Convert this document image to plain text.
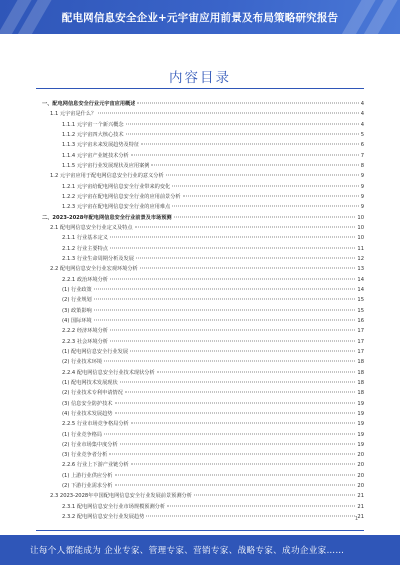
配电网信息安全企业+元宇宙应用前景及布局策略研究报告
内容目录
一、配电网信息安全行业元宇宙应用概述	4
1.1 元宇宙是什么？	4
1.1.1 元宇宙一个新兴概念	4
1.1.2 元宇宙四大核心技术	5
1.1.3 元宇宙未来发展趋势及特征	6
1.1.4 元宇宙产业链技术分析	7
1.1.5 元宇宙行业发展现状及应用案例	8
1.2 元宇宙应用于配电网信息安全行业的意义分析	9
1.2.1 元宇宙给配电网信息安全行业带来的变化	9
1.2.2 元宇宙在配电网信息安全行业的应用前景分析	9
1.2.3 元宇宙在配电网信息安全行业的应用难点	9
二、2023-2028年配电网信息安全行业前景及市场预测	10
2.1 配电网信息安全行业定义及特点	10
2.1.1 行业基本定义	10
2.1.2 行业主要特点	11
2.1.3 行业生命周期分析及发展	12
2.2 配电网信息安全行业宏观环境分析	13
2.2.1 政治环境分析	14
(1) 行业政策	14
(2) 行业规划	15
(3) 政策影响	15
(4) 国际环境	16
2.2.2 经济环境分析	17
2.2.3 社会环境分析	17
(1) 配电网信息安全行业发展	17
(2) 行业技术环境	18
2.2.4 配电网信息安全行业技术现状分析	18
(1) 配电网技术发展现状	18
(2) 行业技术专利申请情况	18
(3) 信息安全防护技术	19
(4) 行业技术发展趋势	19
2.2.5 行业市场竞争格局分析	19
(1) 行业竞争格局	19
(2) 行业市场集中度分析	19
(3) 行业竞争者分析	20
2.2.6 行业上下游产业链分析	20
(1) 上游行业供应分析	20
(2) 下游行业需求分析	20
2.3 2023-2028年中国配电网信息安全行业发展前景预测分析	21
2.3.1 配电网信息安全行业市场规模预测分析	21
2.3.2 配电网信息安全行业发展趋势	21
1
让每个人都能成为 企业专家、管理专家、营销专家、战略专家、成功企业家……
